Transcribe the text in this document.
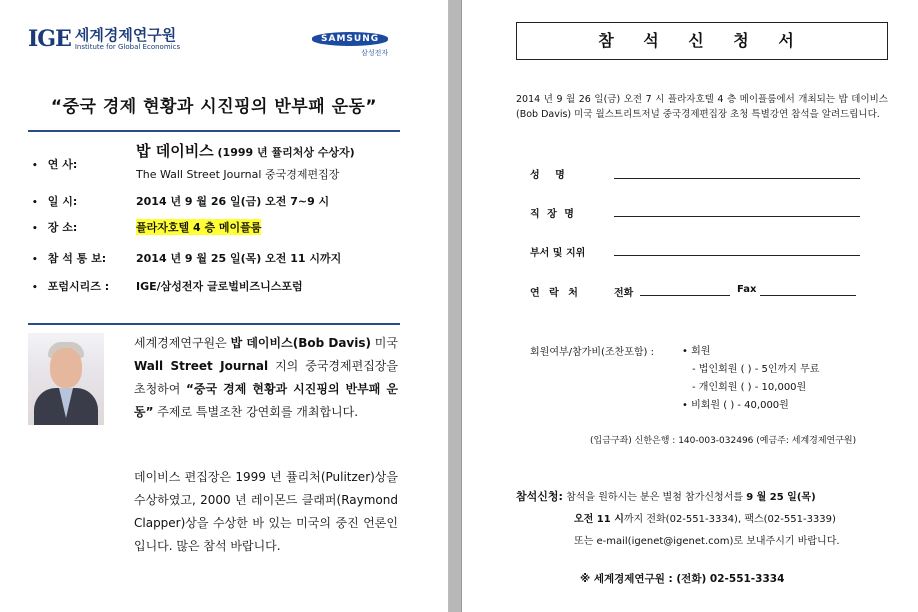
IGE 세계경제연구원
Institute for Global Economics
SAMSUNG
삼성전자
“중국 경제 현황과 시진핑의 반부패 운동”
• 연 사:
밥 데이비스 (1999 년 퓰리처상 수상자)
The Wall Street Journal 중국경제편집장
• 일 시:	2014 년 9 월 26 일(금) 오전 7~9 시
• 장 소:	플라자호텔 4 층 메이플룸
• 참 석 통 보:	2014 년 9 월 25 일(목) 오전 11 시까지
• 포럼시리즈 :	IGE/삼성전자 글로벌비즈니스포럼
세계경제연구원은 밥 데이비스(Bob Davis) 미국 Wall Street Journal 지의 중국경제편집장을 초청하여 “중국 경제 현황과 시진핑의 반부패 운동” 주제로 특별조찬 강연회를 개최합니다.
데이비스 편집장은 1999 년 퓰리처(Pulitzer)상을 수상하였고, 2000 년 레이몬드 클래퍼(Raymond Clapper)상을 수상한 바 있는 미국의 중진 언론인입니다. 많은 참석 바랍니다.
참 석 신 청 서
2014 년 9 월 26 일(금) 오전 7 시 플라자호텔 4 층 메이플룸에서 개최되는 밥 데이비스(Bob Davis) 미국 월스트리트저널 중국경제편집장 초청 특별강연 참석을 알려드립니다.
성 명
직 장 명
부서 및 지위
연 락 처	전화	Fax
회원여부/참가비(조찬포함) :	• 회원
- 법인회원 ( ) - 5인까지 무료
- 개인회원 ( ) - 10,000원
• 비회원 ( ) - 40,000원
(입금구좌) 신한은행 : 140-003-032496 (예금주: 세계경제연구원)
참석신청: 참석을 원하시는 분은 별첨 참가신청서를 9 월 25 일(목)
오전 11 시까지 전화(02-551-3334), 팩스(02-551-3339)
또는 e-mail(igenet@igenet.com)로 보내주시기 바랍니다.
※ 세계경제연구원 : (전화) 02-551-3334
